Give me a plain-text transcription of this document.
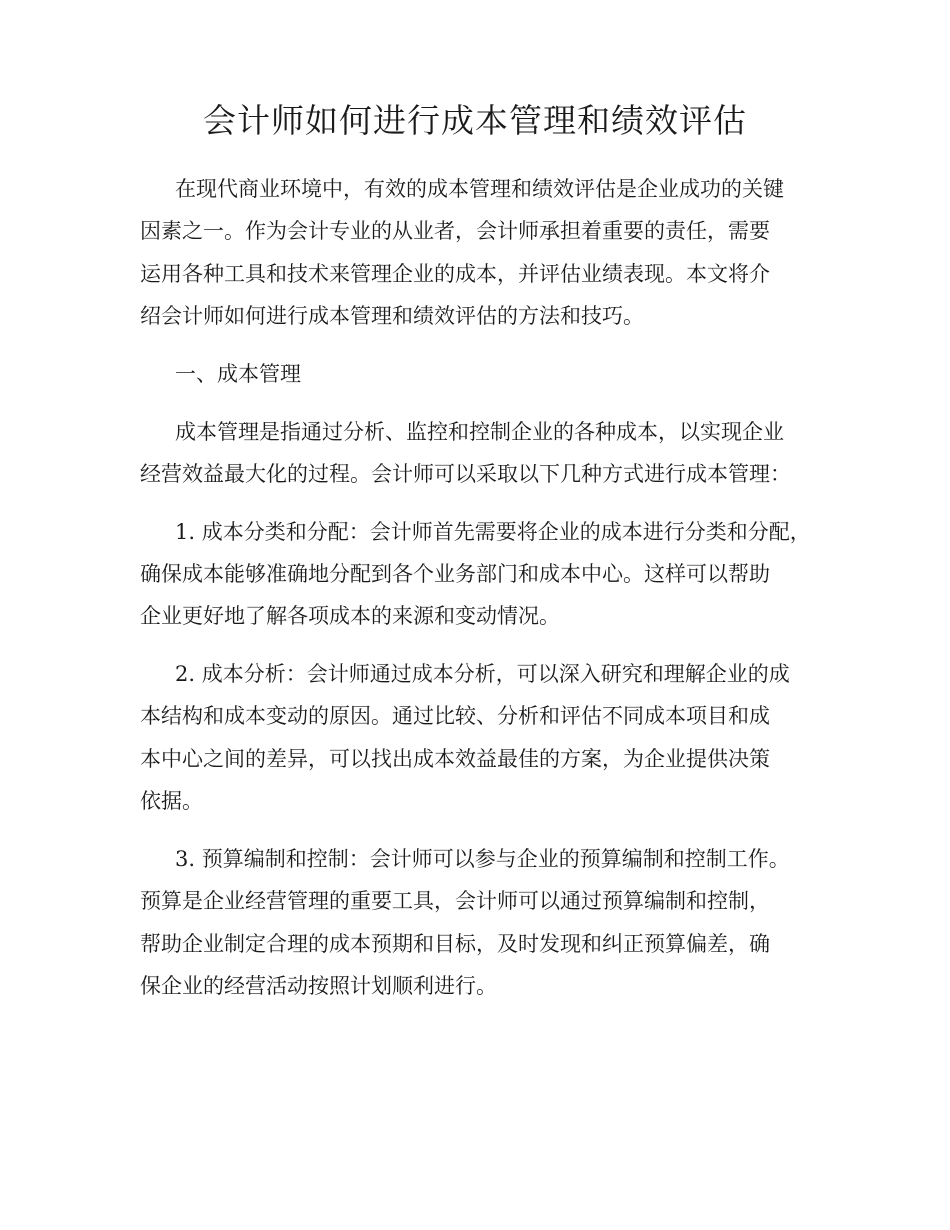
会计师如何进行成本管理和绩效评估

在现代商业环境中，有效的成本管理和绩效评估是企业成功的关键

因素之一。作为会计专业的从业者，会计师承担着重要的责任，需要

运用各种工具和技术来管理企业的成本，并评估业绩表现。本文将介

绍会计师如何进行成本管理和绩效评估的方法和技巧。

一、成本管理

成本管理是指通过分析、监控和控制企业的各种成本，以实现企业

经营效益最大化的过程。会计师可以采取以下几种方式进行成本管理：

1. 成本分类和分配：会计师首先需要将企业的成本进行分类和分配，

确保成本能够准确地分配到各个业务部门和成本中心。这样可以帮助

企业更好地了解各项成本的来源和变动情况。

2. 成本分析：会计师通过成本分析，可以深入研究和理解企业的成

本结构和成本变动的原因。通过比较、分析和评估不同成本项目和成

本中心之间的差异，可以找出成本效益最佳的方案，为企业提供决策

依据。

3. 预算编制和控制：会计师可以参与企业的预算编制和控制工作。

预算是企业经营管理的重要工具，会计师可以通过预算编制和控制，

帮助企业制定合理的成本预期和目标，及时发现和纠正预算偏差，确

保企业的经营活动按照计划顺利进行。
